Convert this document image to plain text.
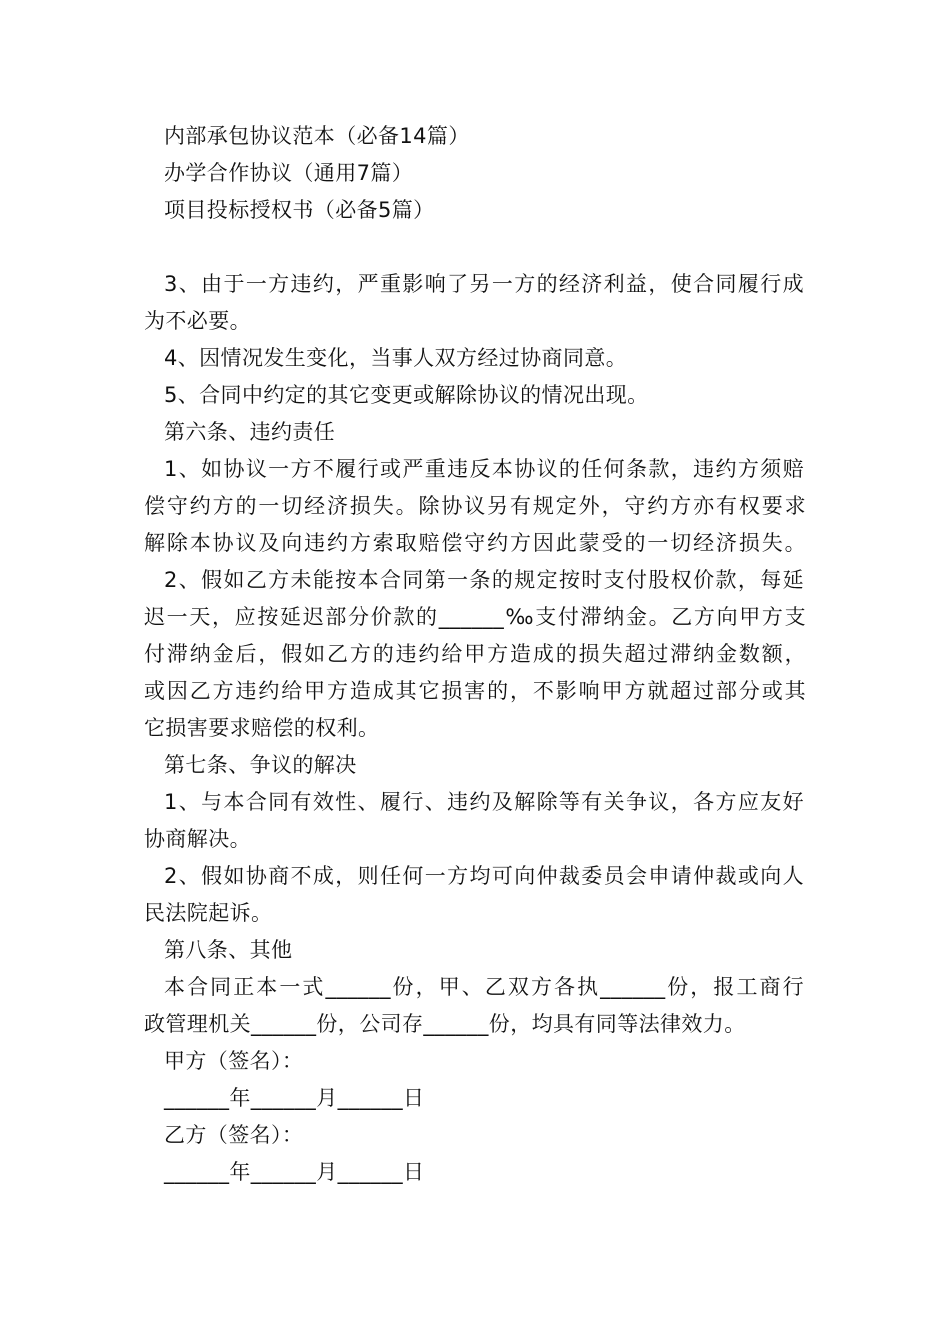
内部承包协议范本（必备14篇）
办学合作协议（通用7篇）
项目投标授权书（必备5篇）
3、由于一方违约，严重影响了另一方的经济利益，使合同履行成
为不必要。
4、因情况发生变化，当事人双方经过协商同意。
5、合同中约定的其它变更或解除协议的情况出现。
第六条、违约责任
1、如协议一方不履行或严重违反本协议的任何条款，违约方须赔
偿守约方的一切经济损失。除协议另有规定外，守约方亦有权要求
解除本协议及向违约方索取赔偿守约方因此蒙受的一切经济损失。
2、假如乙方未能按本合同第一条的规定按时支付股权价款，每延
迟一天，应按延迟部分价款的______‰支付滞纳金。乙方向甲方支
付滞纳金后，假如乙方的违约给甲方造成的损失超过滞纳金数额，
或因乙方违约给甲方造成其它损害的，不影响甲方就超过部分或其
它损害要求赔偿的权利。
第七条、争议的解决
1、与本合同有效性、履行、违约及解除等有关争议，各方应友好
协商解决。
2、假如协商不成，则任何一方均可向仲裁委员会申请仲裁或向人
民法院起诉。
第八条、其他
本合同正本一式______份，甲、乙双方各执______份，报工商行
政管理机关______份，公司存______份，均具有同等法律效力。
甲方（签名）：
______年______月______日
乙方（签名）：
______年______月______日
